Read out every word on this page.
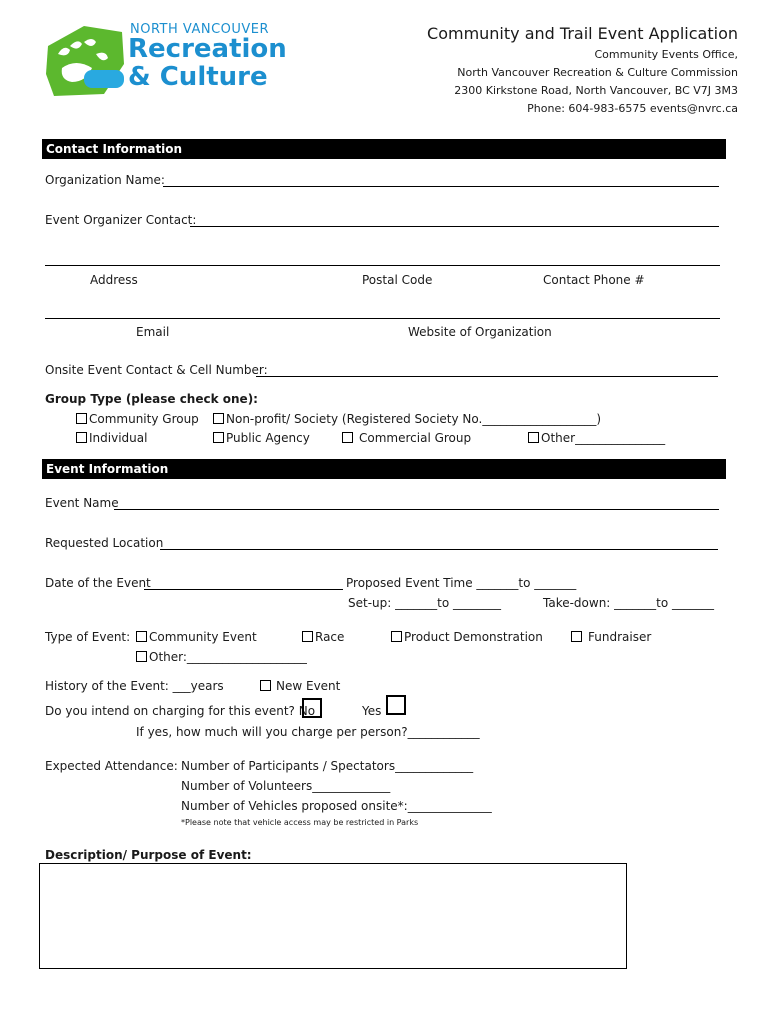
NORTH VANCOUVER
Recreation
& Culture
Community and Trail Event Application
Community Events Office,
North Vancouver Recreation & Culture Commission
2300 Kirkstone Road, North Vancouver, BC V7J 3M3
Phone: 604-983-6575 events@nvrc.ca
Contact Information
Organization Name:
Event Organizer Contact:
Address	Postal Code	Contact Phone #
Email	Website of Organization
Onsite Event Contact & Cell Number:
Group Type (please check one):
Community Group	Non-profit/ Society (Registered Society No.___________________)
Individual	Public Agency	Commercial Group	Other_______________
Event Information
Event Name
Requested Location
Date of the Event	Proposed Event Time _______to _______
Set-up: _______to ________	Take-down: _______to _______
Type of Event:	Community Event	Race	Product Demonstration	Fundraiser
Other:____________________
History of the Event: ___years	New Event
Do you intend on charging for this event? No	Yes
If yes, how much will you charge per person?____________
Expected Attendance: Number of Participants / Spectators_____________
Number of Volunteers_____________
Number of Vehicles proposed onsite*:______________
*Please note that vehicle access may be restricted in Parks
Description/ Purpose of Event:
